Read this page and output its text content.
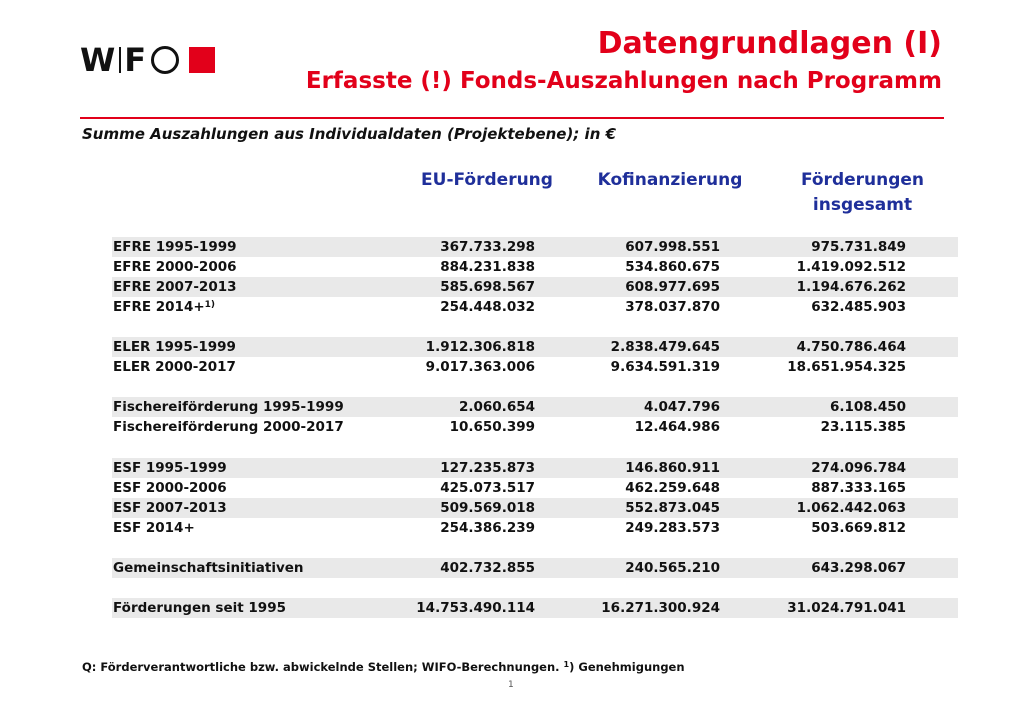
W F	Datengrundlagen (I)
Erfasste (!) Fonds-Auszahlungen nach Programm
Summe Auszahlungen aus Individualdaten (Projektebene); in €
EU-Förderung	Kofinanzierung	Förderungen
insgesamt
EFRE 1995-1999	367.733.298	607.998.551	975.731.849
EFRE 2000-2006	884.231.838	534.860.675	1.419.092.512
EFRE 2007-2013	585.698.567	608.977.695	1.194.676.262
EFRE 2014+$^{1)}$	254.448.032	378.037.870	632.485.903
ELER 1995-1999	1.912.306.818	2.838.479.645	4.750.786.464
ELER 2000-2017	9.017.363.006	9.634.591.319	18.651.954.325
Fischereiförderung 1995-1999	2.060.654	4.047.796	6.108.450
Fischereiförderung 2000-2017	10.650.399	12.464.986	23.115.385
ESF 1995-1999	127.235.873	146.860.911	274.096.784
ESF 2000-2006	425.073.517	462.259.648	887.333.165
ESF 2007-2013	509.569.018	552.873.045	1.062.442.063
ESF 2014+	254.386.239	249.283.573	503.669.812
Gemeinschaftsinitiativen	402.732.855	240.565.210	643.298.067
Förderungen seit 1995	14.753.490.114	16.271.300.924	31.024.791.041
Q: Förderverantwortliche bzw. abwickelnde Stellen; WIFO-Berechnungen. $^1$) Genehmigungen
1
